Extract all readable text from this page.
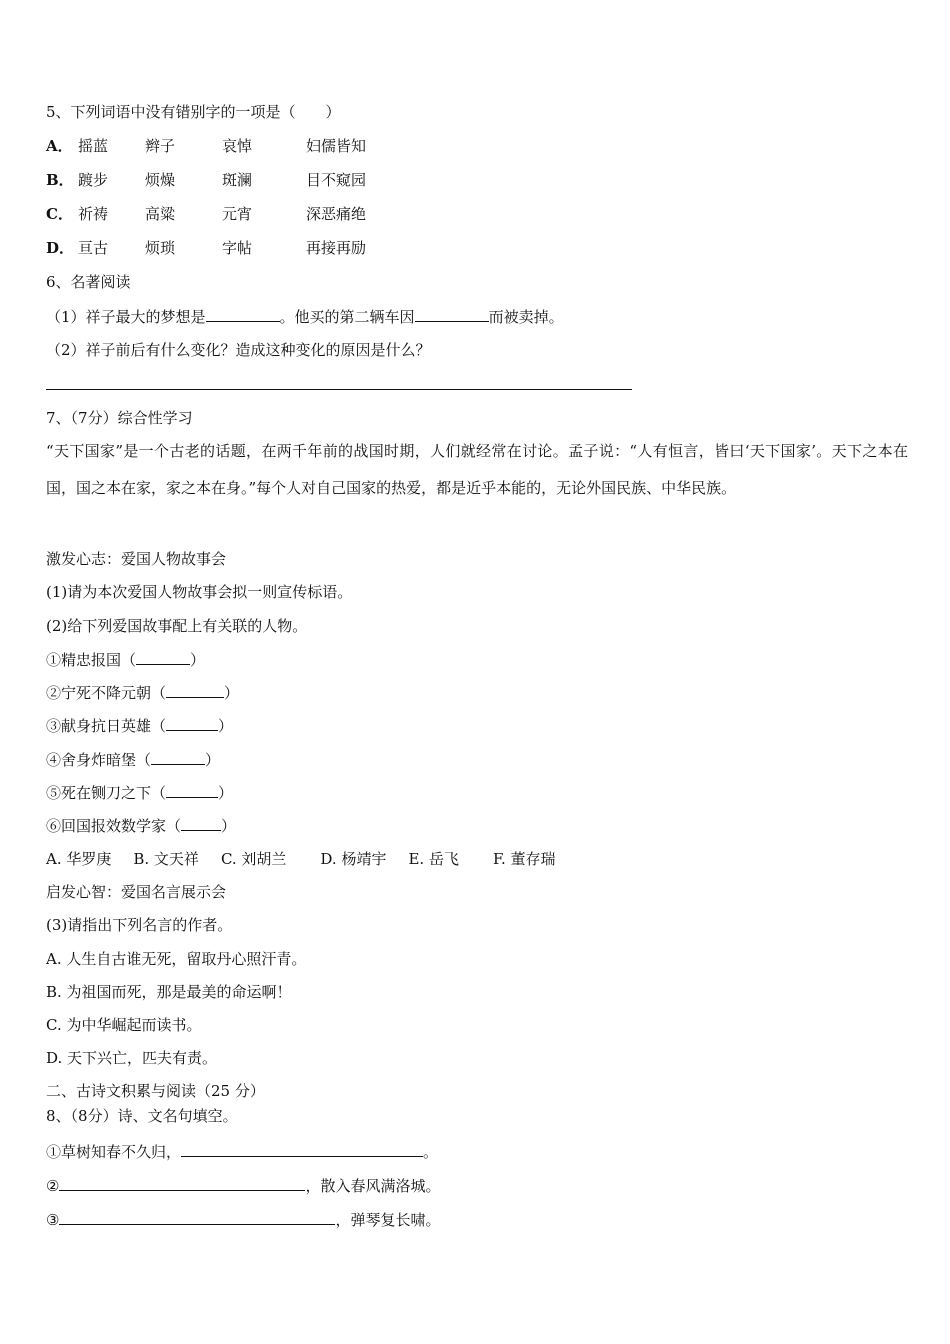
5、下列词语中没有错别字的一项是（　　）
A． 摇蓝 辫子	哀悼	妇儒皆知
B． 踱步 烦燥	斑澜	目不窥园
C． 祈祷 高粱	元宵	深恶痛绝
D． 亘古 烦琐	字帖	再接再励
6、名著阅读
（1）祥子最大的梦想是	。他买的第二辆车因	而被卖掉。
（2）祥子前后有什么变化？造成这种变化的原因是什么？
7、（7分）综合性学习
“天下国家”是一个古老的话题，在两千年前的战国时期，人们就经常在讨论。孟子说：“人有恒言，皆曰‘天下国家’。天下之本在国，国之本在家，家之本在身。”每个人对自己国家的热爱，都是近乎本能的，无论外国民族、中华民族。
激发心志：爱国人物故事会
(1)请为本次爱国人物故事会拟一则宣传标语。
(2)给下列爱国故事配上有关联的人物。
①精忠报国（	）
②宁死不降元朝（	）
③献身抗日英雄（	）
④舍身炸暗堡（	）
⑤死在铡刀之下（	）
⑥回国报效数学家（	）
A. 华罗庚 B. 文天祥 C. 刘胡兰 D. 杨靖宇 E. 岳飞 F. 董存瑞
启发心智：爱国名言展示会
(3)请指出下列名言的作者。
A. 人生自古谁无死，留取丹心照汗青。
B. 为祖国而死，那是最美的命运啊！
C. 为中华崛起而读书。
D. 天下兴亡，匹夫有责。
二、古诗文积累与阅读（25 分）
8、（8分）诗、文名句填空。
①草树知春不久归，	。
②	，散入春风满洛城。
③	，弹琴复长啸。
